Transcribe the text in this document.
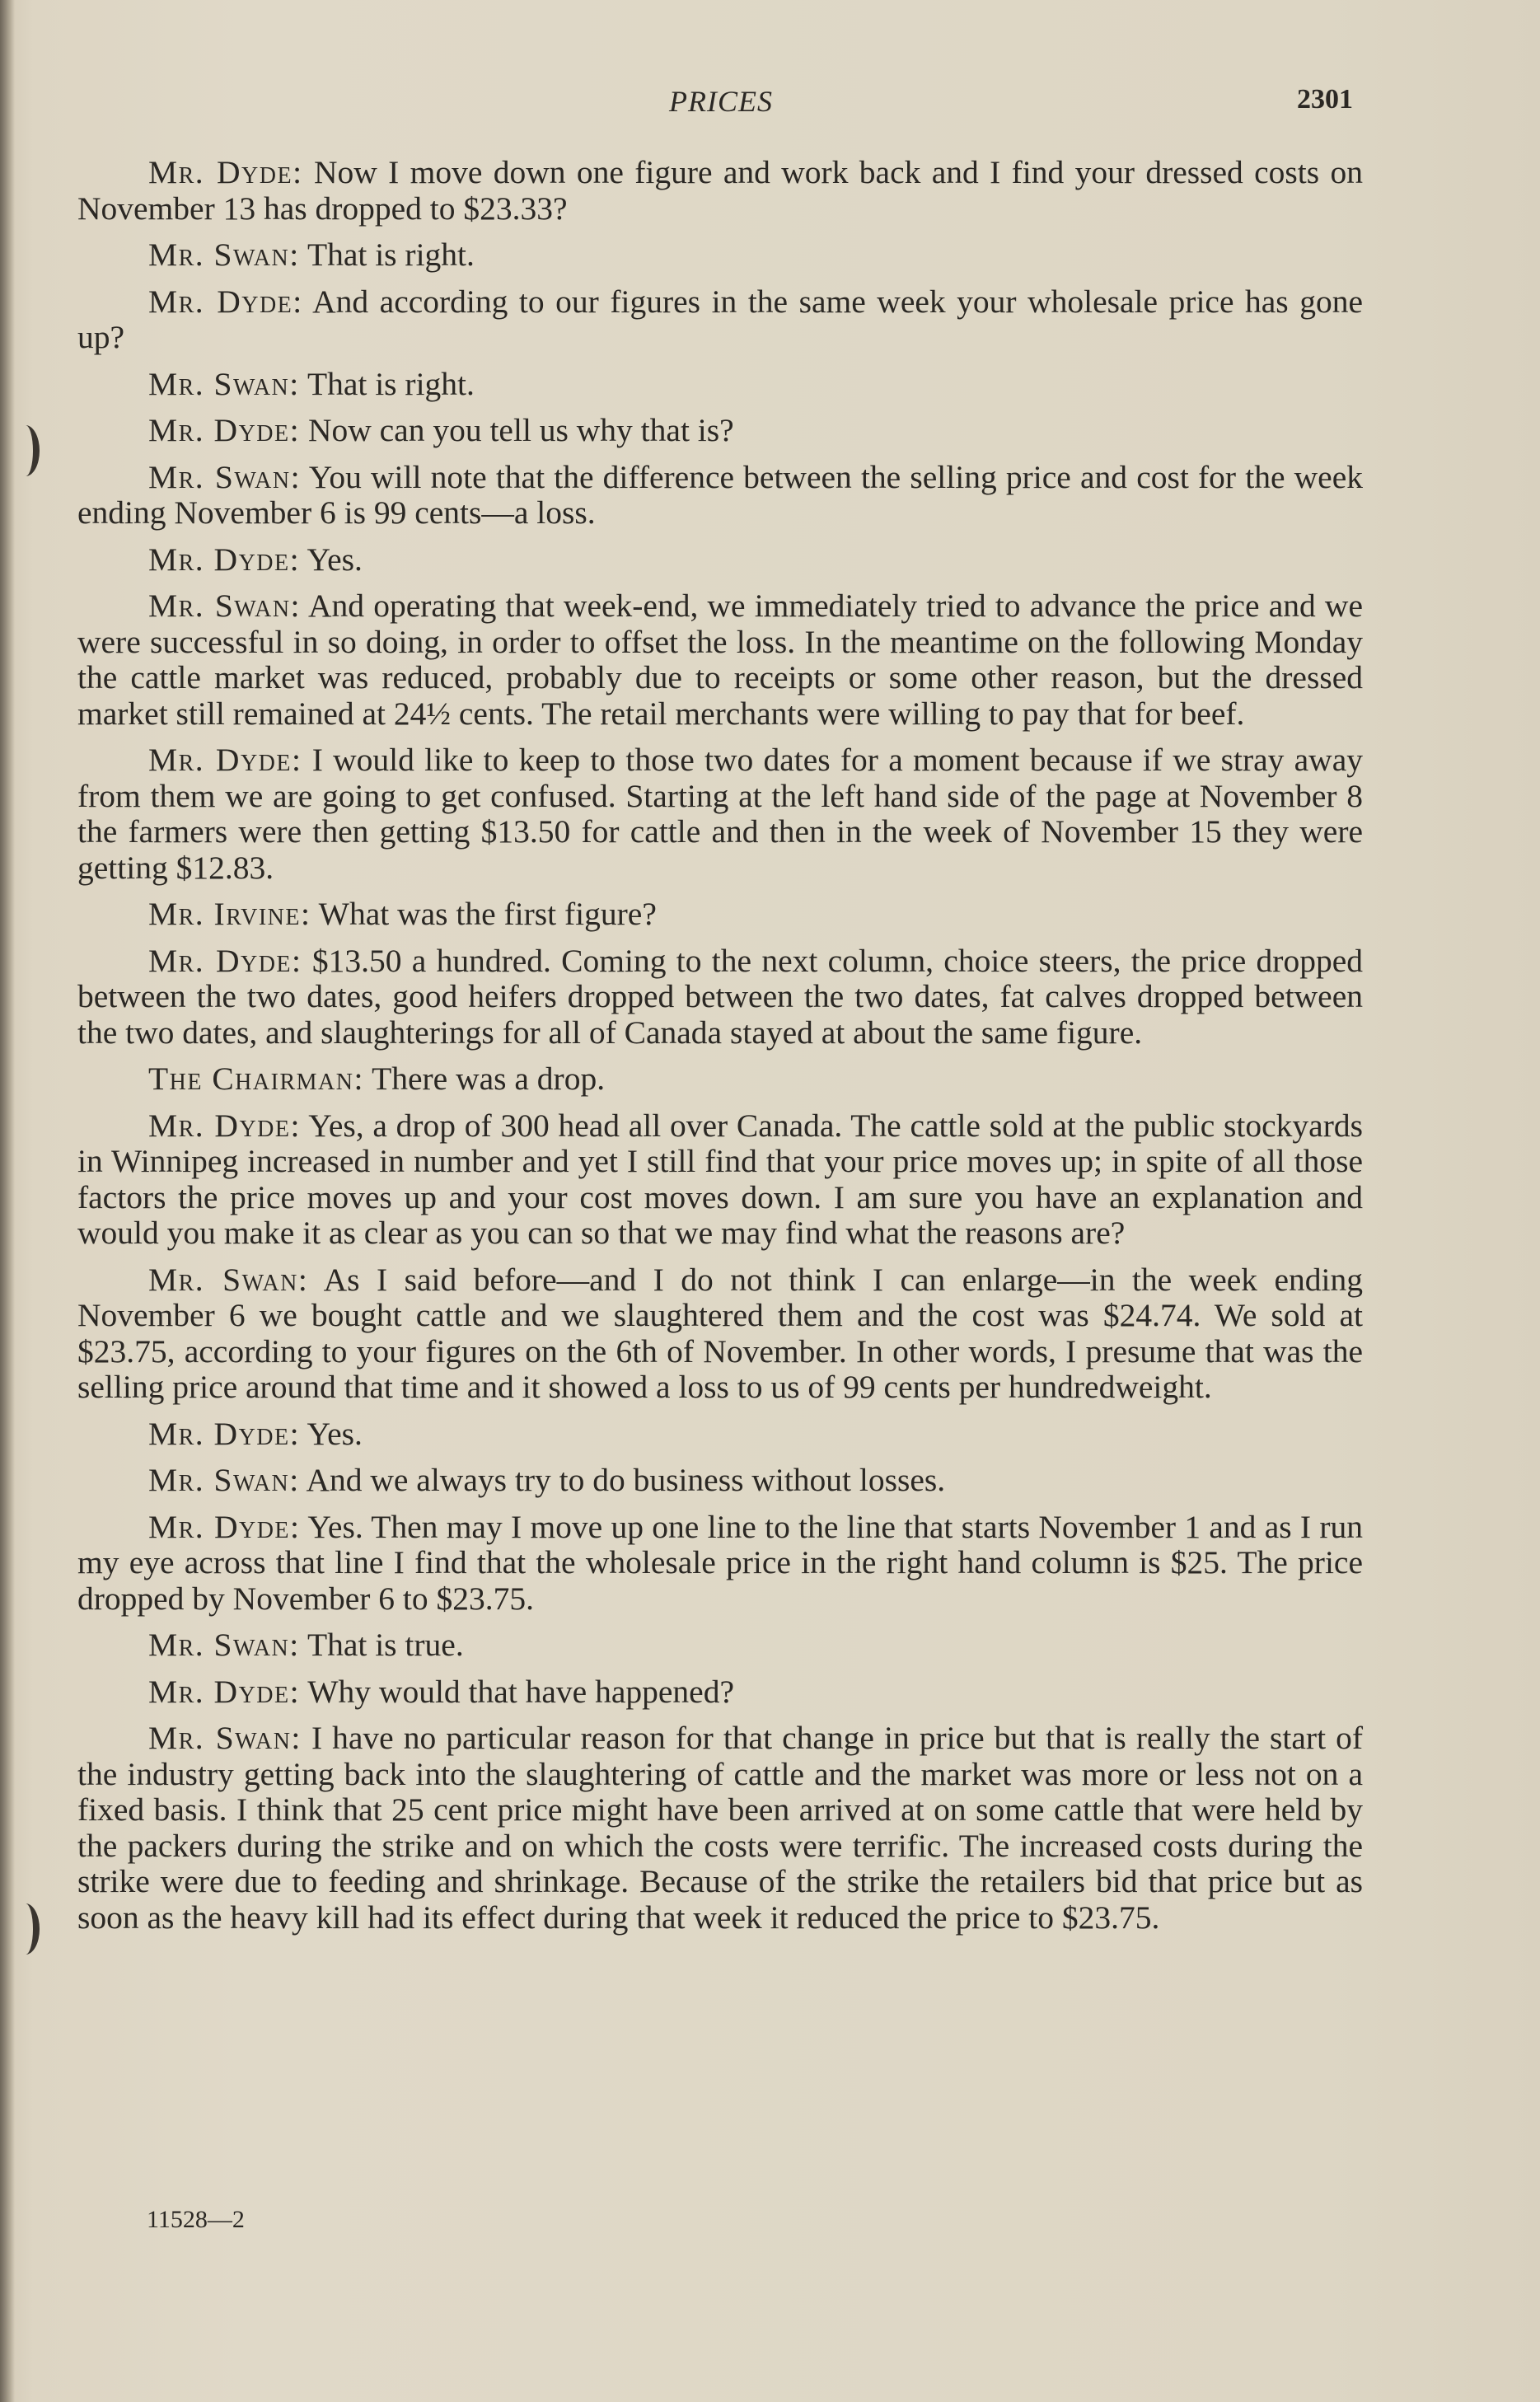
PRICES	2301

Mr. Dyde: Now I move down one figure and work back and I find your dressed costs on November 13 has dropped to $23.33?

Mr. Swan: That is right.

Mr. Dyde: And according to our figures in the same week your wholesale price has gone up?

Mr. Swan: That is right.

Mr. Dyde: Now can you tell us why that is?

Mr. Swan: You will note that the difference between the selling price and cost for the week ending November 6 is 99 cents—a loss.

Mr. Dyde: Yes.

Mr. Swan: And operating that week-end, we immediately tried to advance the price and we were successful in so doing, in order to offset the loss. In the meantime on the following Monday the cattle market was reduced, probably due to receipts or some other reason, but the dressed market still remained at 24½ cents. The retail merchants were willing to pay that for beef.

Mr. Dyde: I would like to keep to those two dates for a moment because if we stray away from them we are going to get confused. Starting at the left hand side of the page at November 8 the farmers were then getting $13.50 for cattle and then in the week of November 15 they were getting $12.83.

Mr. Irvine: What was the first figure?

Mr. Dyde: $13.50 a hundred. Coming to the next column, choice steers, the price dropped between the two dates, good heifers dropped between the two dates, fat calves dropped between the two dates, and slaughterings for all of Canada stayed at about the same figure.

The Chairman: There was a drop.

Mr. Dyde: Yes, a drop of 300 head all over Canada. The cattle sold at the public stockyards in Winnipeg increased in number and yet I still find that your price moves up; in spite of all those factors the price moves up and your cost moves down. I am sure you have an explanation and would you make it as clear as you can so that we may find what the reasons are?

Mr. Swan: As I said before—and I do not think I can enlarge—in the week ending November 6 we bought cattle and we slaughtered them and the cost was $24.74. We sold at $23.75, according to your figures on the 6th of November. In other words, I presume that was the selling price around that time and it showed a loss to us of 99 cents per hundredweight.

Mr. Dyde: Yes.

Mr. Swan: And we always try to do business without losses.

Mr. Dyde: Yes. Then may I move up one line to the line that starts November 1 and as I run my eye across that line I find that the wholesale price in the right hand column is $25. The price dropped by November 6 to $23.75.

Mr. Swan: That is true.

Mr. Dyde: Why would that have happened?

Mr. Swan: I have no particular reason for that change in price but that is really the start of the industry getting back into the slaughtering of cattle and the market was more or less not on a fixed basis. I think that 25 cent price might have been arrived at on some cattle that were held by the packers during the strike and on which the costs were terrific. The increased costs during the strike were due to feeding and shrinkage. Because of the strike the retailers bid that price but as soon as the heavy kill had its effect during that week it reduced the price to $23.75.

11528—2
